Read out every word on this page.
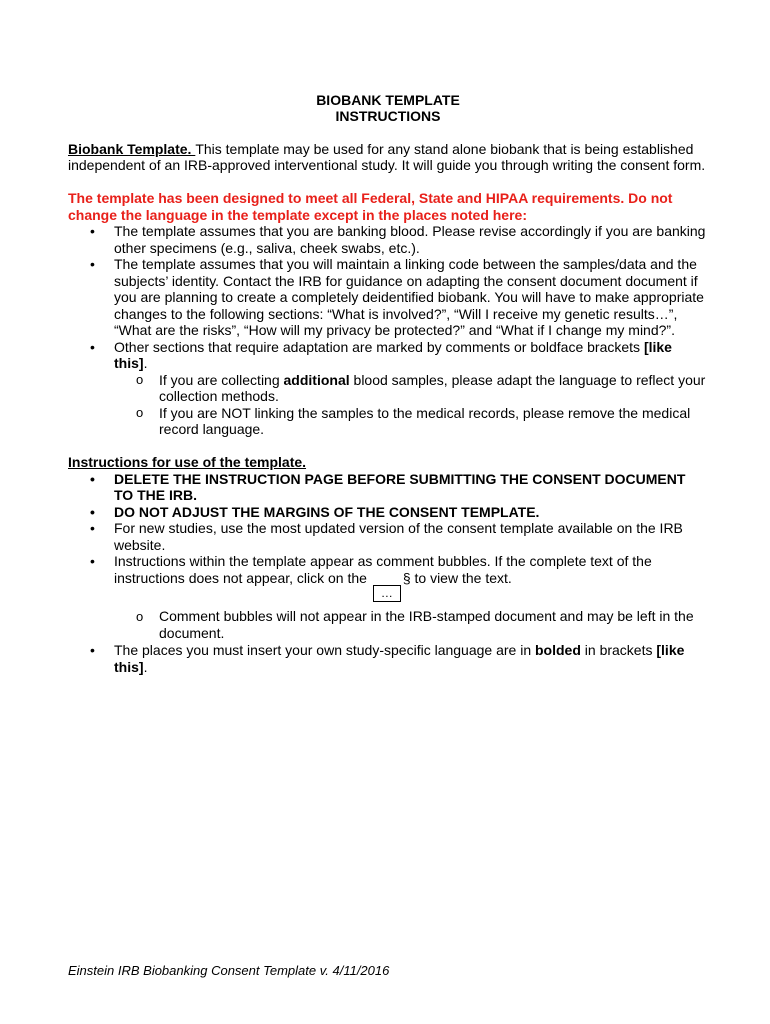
BIOBANK TEMPLATE

INSTRUCTIONS

Biobank Template. This template may be used for any stand alone biobank that is being established independent of an IRB-approved interventional study. It will guide you through writing the consent form.

The template has been designed to meet all Federal, State and HIPAA requirements. Do not change the language in the template except in the places noted here:

• The template assumes that you are banking blood. Please revise accordingly if you are banking other specimens (e.g., saliva, cheek swabs, etc.).
• The template assumes that you will maintain a linking code between the samples/data and the subjects’ identity. Contact the IRB for guidance on adapting the consent document document if you are planning to create a completely deidentified biobank. You will have to make appropriate changes to the following sections: “What is involved?”, “Will I receive my genetic results…”, “What are the risks”, “How will my privacy be protected?” and “What if I change my mind?”.
• Other sections that require adaptation are marked by comments or boldface brackets [like this].
o If you are collecting additional blood samples, please adapt the language to reflect your collection methods.
o If you are NOT linking the samples to the medical records, please remove the medical record language.

Instructions for use of the template.

• DELETE THE INSTRUCTION PAGE BEFORE SUBMITTING THE CONSENT DOCUMENT TO THE IRB.
• DO NOT ADJUST THE MARGINS OF THE CONSENT TEMPLATE.
• For new studies, use the most updated version of the consent template available on the IRB website.
• Instructions within the template appear as comment bubbles. If the complete text of the instructions does not appear, click on the …§ to view the text.
o Comment bubbles will not appear in the IRB-stamped document and may be left in the document.
• The places you must insert your own study-specific language are in bolded in brackets [like this].
Einstein IRB Biobanking Consent Template v. 4/11/2016
